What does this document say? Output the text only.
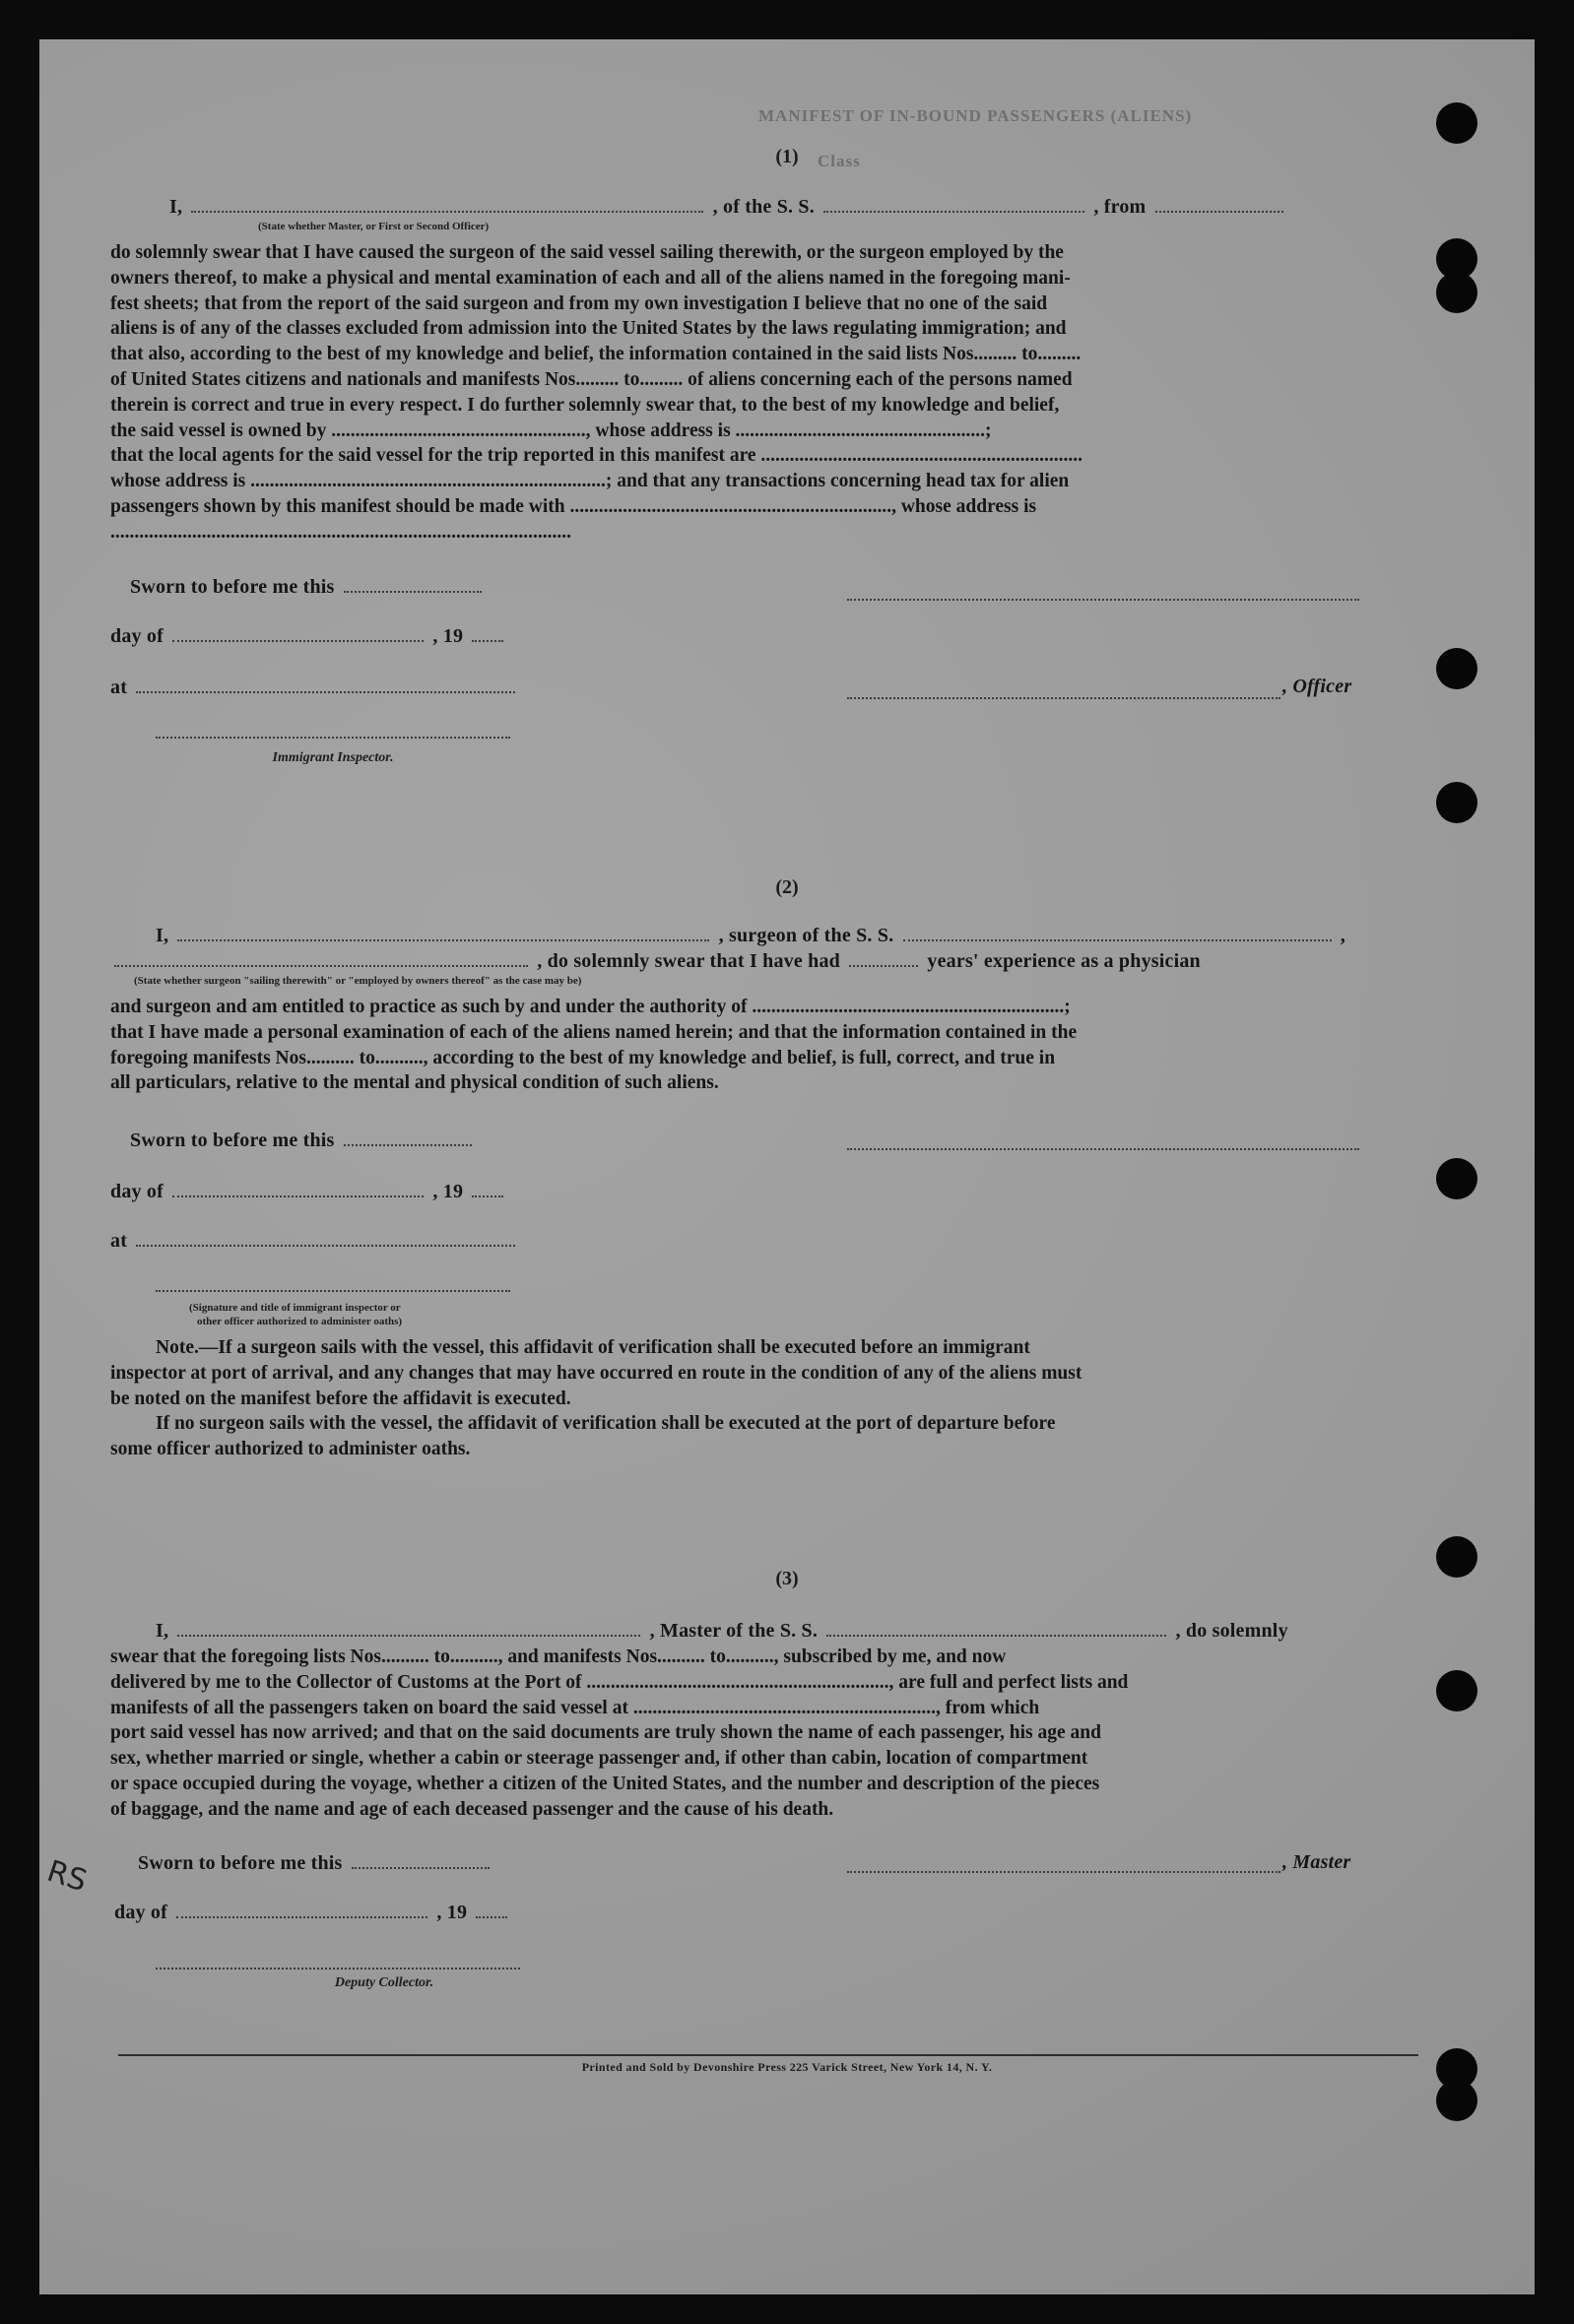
MANIFEST OF IN-BOUND PASSENGERS (ALIENS)
Class
(1)
I,	, of the S. S.	, from
(State whether Master, or First or Second Officer)
do solemnly swear that I have caused the surgeon of the said vessel sailing therewith, or the surgeon employed by the
owners thereof, to make a physical and mental examination of each and all of the aliens named in the foregoing mani-
fest sheets; that from the report of the said surgeon and from my own investigation I believe that no one of the said
aliens is of any of the classes excluded from admission into the United States by the laws regulating immigration; and
that also, according to the best of my knowledge and belief, the information contained in the said lists Nos......... to.........
of United States citizens and nationals and manifests Nos......... to......... of aliens concerning each of the persons named
therein is correct and true in every respect. I do further solemnly swear that, to the best of my knowledge and belief,
the said vessel is owned by ....................................................., whose address is ....................................................;
that the local agents for the said vessel for the trip reported in this manifest are ...................................................................
whose address is ..........................................................................; and that any transactions concerning head tax for alien
passengers shown by this manifest should be made with ..................................................................., whose address is
................................................................................................
Sworn to before me this
day of	, 19
at	, Officer
Immigrant Inspector.
(2)
I,	, surgeon of the S. S.	,
, do solemnly swear that I have had	years' experience as a physician
(State whether surgeon "sailing therewith" or "employed by owners thereof" as the case may be)
and surgeon and am entitled to practice as such by and under the authority of .................................................................;
that I have made a personal examination of each of the aliens named herein; and that the information contained in the
foregoing manifests Nos.......... to.........., according to the best of my knowledge and belief, is full, correct, and true in
all particulars, relative to the mental and physical condition of such aliens.
Sworn to before me this
day of	, 19
at
(Signature and title of immigrant inspector or
other officer authorized to administer oaths)
Note.—If a surgeon sails with the vessel, this affidavit of verification shall be executed before an immigrant
inspector at port of arrival, and any changes that may have occurred en route in the condition of any of the aliens must
be noted on the manifest before the affidavit is executed.
If no surgeon sails with the vessel, the affidavit of verification shall be executed at the port of departure before
some officer authorized to administer oaths.
(3)
I,	, Master of the S. S.	, do solemnly
swear that the foregoing lists Nos.......... to.........., and manifests Nos.......... to.........., subscribed by me, and now
delivered by me to the Collector of Customs at the Port of ..............................................................., are full and perfect lists and
manifests of all the passengers taken on board the said vessel at ..............................................................., from which
port said vessel has now arrived; and that on the said documents are truly shown the name of each passenger, his age and
sex, whether married or single, whether a cabin or steerage passenger and, if other than cabin, location of compartment
or space occupied during the voyage, whether a citizen of the United States, and the number and description of the pieces
of baggage, and the name and age of each deceased passenger and the cause of his death.
Sworn to before me this	, Master
day of	, 19
Deputy Collector.
RS
Printed and Sold by Devonshire Press 225 Varick Street, New York 14, N. Y.
